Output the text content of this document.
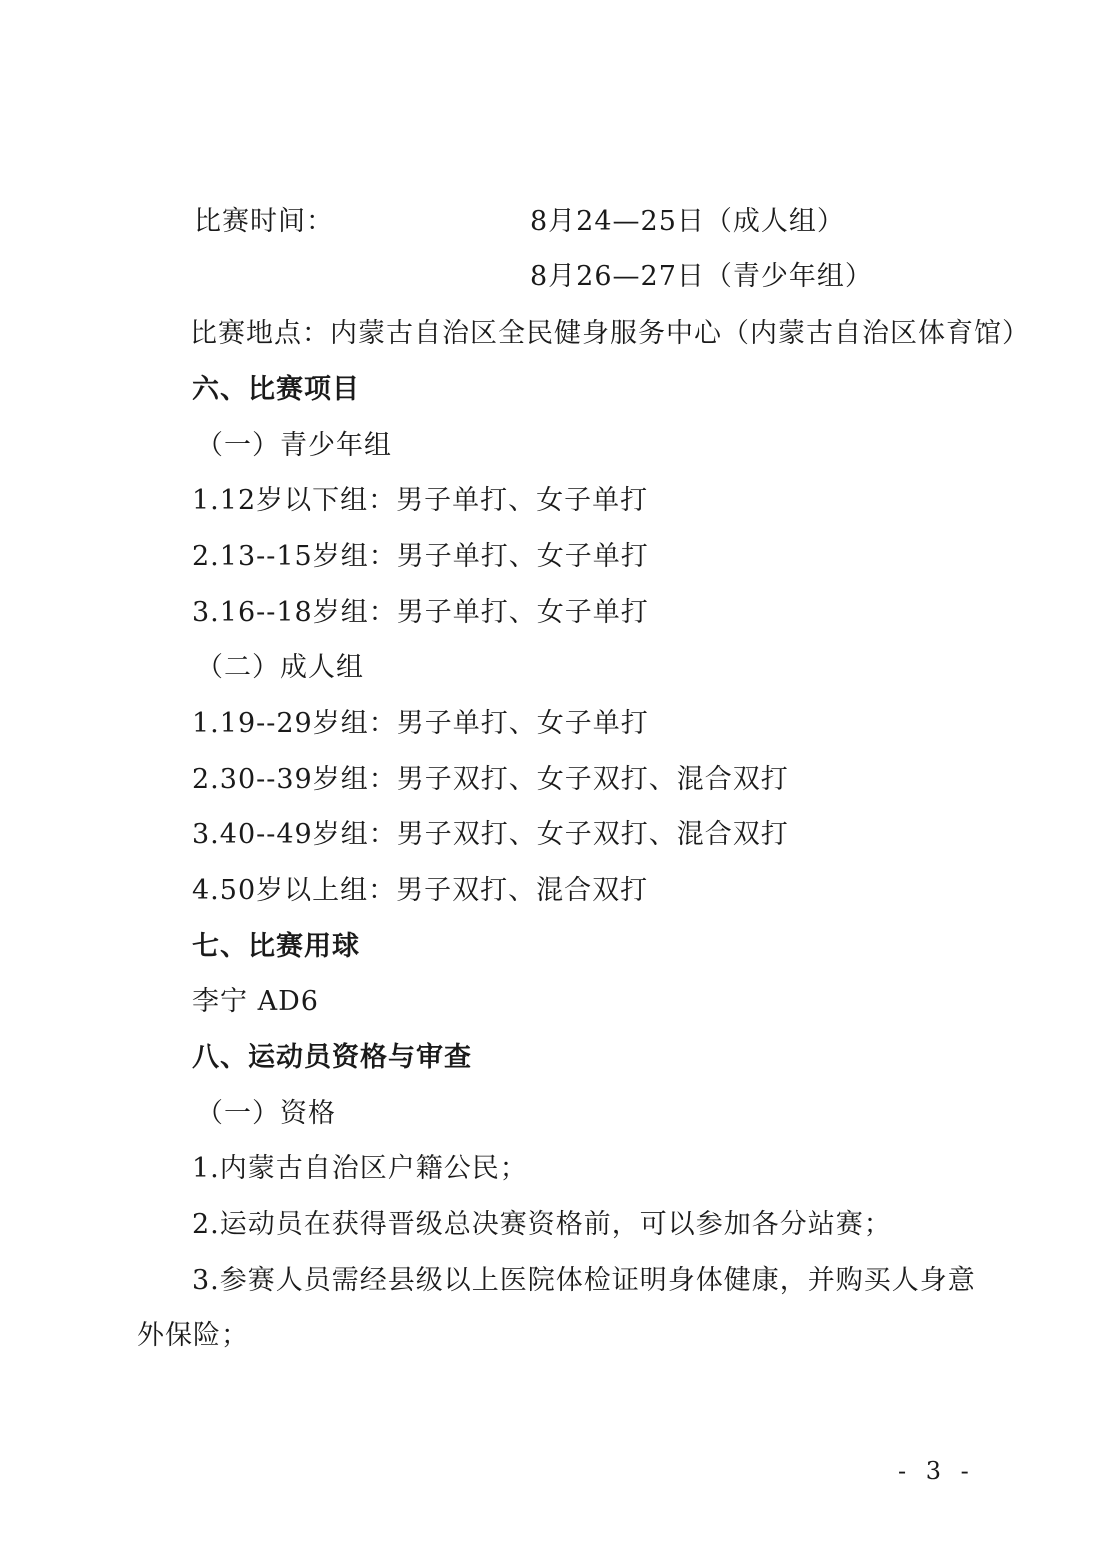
比赛时间：	8月24—25日（成人组）
8月26—27日（青少年组）
比赛地点：内蒙古自治区全民健身服务中心（内蒙古自治区体育馆）
六、比赛项目
（一）青少年组
1.12岁以下组：男子单打、女子单打
2.13--15岁组：男子单打、女子单打
3.16--18岁组：男子单打、女子单打
（二）成人组
1.19--29岁组：男子单打、女子单打
2.30--39岁组：男子双打、女子双打、混合双打
3.40--49岁组：男子双打、女子双打、混合双打
4.50岁以上组：男子双打、混合双打
七、比赛用球
李宁 AD6
八、运动员资格与审查
（一）资格
1.内蒙古自治区户籍公民；
2.运动员在获得晋级总决赛资格前，可以参加各分站赛；
3.参赛人员需经县级以上医院体检证明身体健康，并购买人身意
外保险；
- 3 -
